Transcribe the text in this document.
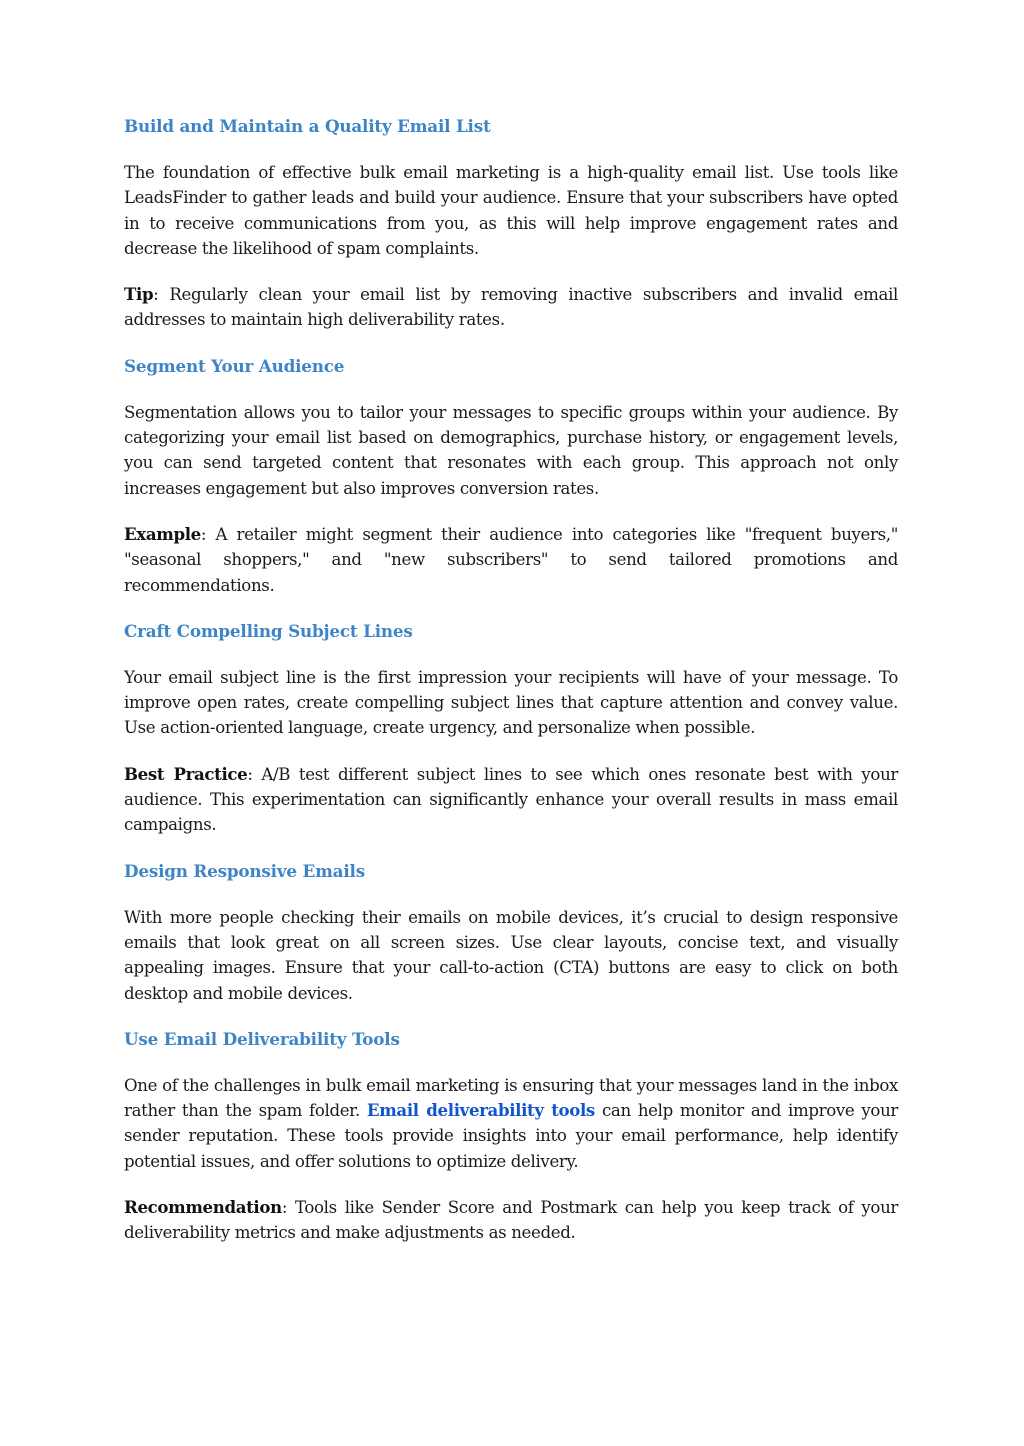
Build and Maintain a Quality Email List

The foundation of effective bulk email marketing is a high-quality email list. Use tools like LeadsFinder to gather leads and build your audience. Ensure that your subscribers have opted in to receive communications from you, as this will help improve engagement rates and decrease the likelihood of spam complaints.

Tip: Regularly clean your email list by removing inactive subscribers and invalid email addresses to maintain high deliverability rates.

Segment Your Audience

Segmentation allows you to tailor your messages to specific groups within your audience. By categorizing your email list based on demographics, purchase history, or engagement levels, you can send targeted content that resonates with each group. This approach not only increases engagement but also improves conversion rates.

Example: A retailer might segment their audience into categories like "frequent buyers," "seasonal shoppers," and "new subscribers" to send tailored promotions and recommendations.

Craft Compelling Subject Lines

Your email subject line is the first impression your recipients will have of your message. To improve open rates, create compelling subject lines that capture attention and convey value. Use action-oriented language, create urgency, and personalize when possible.

Best Practice: A/B test different subject lines to see which ones resonate best with your audience. This experimentation can significantly enhance your overall results in mass email campaigns.

Design Responsive Emails

With more people checking their emails on mobile devices, it’s crucial to design responsive emails that look great on all screen sizes. Use clear layouts, concise text, and visually appealing images. Ensure that your call-to-action (CTA) buttons are easy to click on both desktop and mobile devices.

Use Email Deliverability Tools

One of the challenges in bulk email marketing is ensuring that your messages land in the inbox rather than the spam folder. Email deliverability tools can help monitor and improve your sender reputation. These tools provide insights into your email performance, help identify potential issues, and offer solutions to optimize delivery.

Recommendation: Tools like Sender Score and Postmark can help you keep track of your deliverability metrics and make adjustments as needed.
